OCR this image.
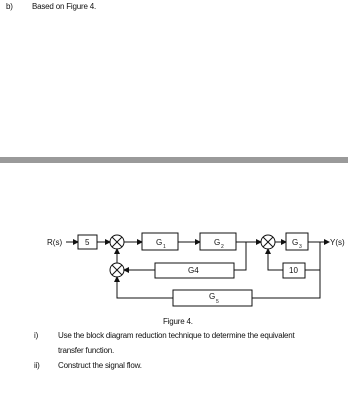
b) Based on Figure 4.
R(s)	Y(s)
5	G 1	G 2	G 3
G4	10
G
5
Figure 4.
i) Use the block diagram reduction technique to determine the equivalent
transfer function.
ii) Construct the signal flow.
